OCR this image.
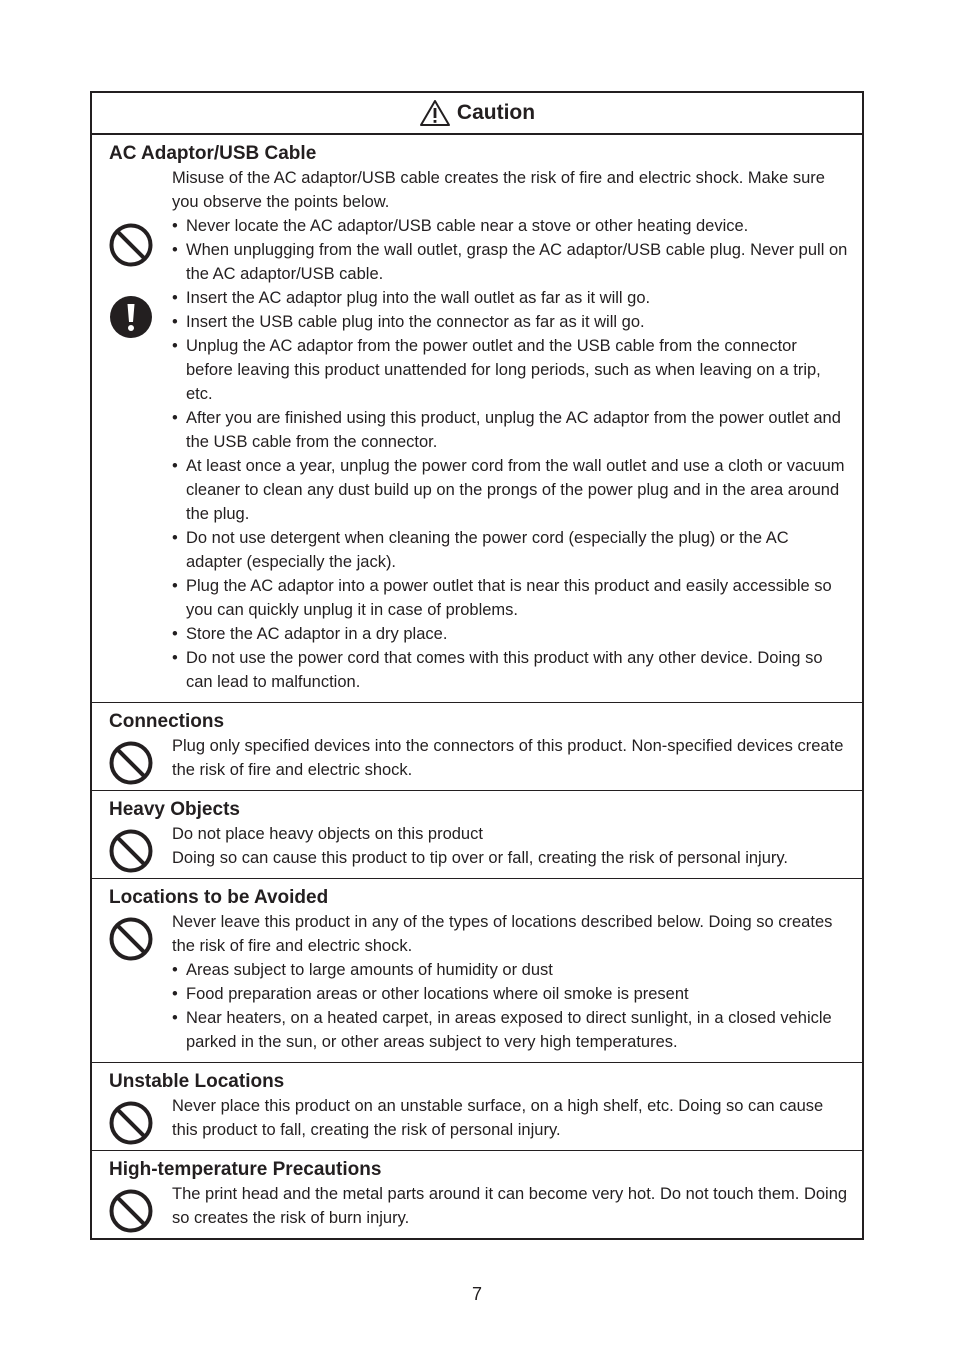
Caution
AC Adaptor/USB Cable

Misuse of the AC adaptor/USB cable creates the risk of fire and electric shock. Make sure you observe the points below.

• Never locate the AC adaptor/USB cable near a stove or other heating device.
• When unplugging from the wall outlet, grasp the AC adaptor/USB cable plug. Never pull on the AC adaptor/USB cable.
• Insert the AC adaptor plug into the wall outlet as far as it will go.
• Insert the USB cable plug into the connector as far as it will go.
• Unplug the AC adaptor from the power outlet and the USB cable from the connector before leaving this product unattended for long periods, such as when leaving on a trip, etc.
• After you are finished using this product, unplug the AC adaptor from the power outlet and the USB cable from the connector.
• At least once a year, unplug the power cord from the wall outlet and use a cloth or vacuum cleaner to clean any dust build up on the prongs of the power plug and in the area around the plug.
• Do not use detergent when cleaning the power cord (especially the plug) or the AC adapter (especially the jack).
• Plug the AC adaptor into a power outlet that is near this product and easily accessible so you can quickly unplug it in case of problems.
• Store the AC adaptor in a dry place.
• Do not use the power cord that comes with this product with any other device. Doing so can lead to malfunction.
Connections

Plug only specified devices into the connectors of this product. Non-specified devices create the risk of fire and electric shock.

Heavy Objects

Do not place heavy objects on this product

Doing so can cause this product to tip over or fall, creating the risk of personal injury.

Locations to be Avoided

Never leave this product in any of the types of locations described below. Doing so creates the risk of fire and electric shock.

• Areas subject to large amounts of humidity or dust
• Food preparation areas or other locations where oil smoke is present
• Near heaters, on a heated carpet, in areas exposed to direct sunlight, in a closed vehicle parked in the sun, or other areas subject to very high temperatures.
Unstable Locations

Never place this product on an unstable surface, on a high shelf, etc. Doing so can cause this product to fall, creating the risk of personal injury.

High-temperature Precautions

The print head and the metal parts around it can become very hot. Do not touch them. Doing so creates the risk of burn injury.

7
